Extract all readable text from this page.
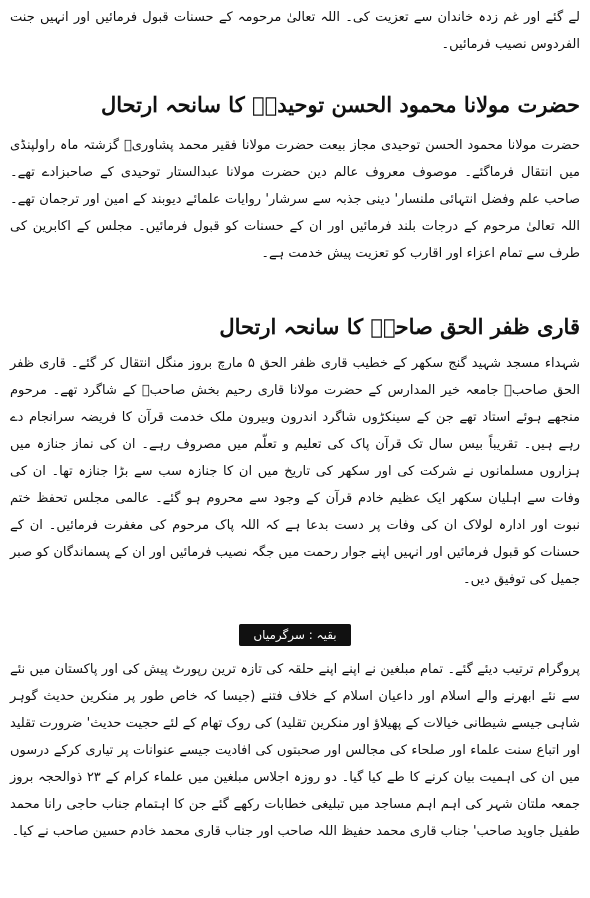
لے گئے اور غم زدہ خاندان سے تعزیت کی۔ اللہ تعالیٰ مرحومہ کے حسنات قبول فرمائیں اور انہیں جنت الفردوس نصیب فرمائیں۔

حضرت مولانا محمود الحسن توحیدیؒ کا سانحہ ارتحال

حضرت مولانا محمود الحسن توحیدی مجاز بیعت حضرت مولانا فقیر محمد پشاوریؒ گزشتہ ماہ راولپنڈی میں انتقال فرماگئے۔ موصوف معروف عالم دین حضرت مولانا عبدالستار توحیدی کے صاحبزادے تھے۔ صاحب علم وفضل انتہائی ملنسار' دینی جذبہ سے سرشار' روایات علمائے دیوبند کے امین اور ترجمان تھے۔ اللہ تعالیٰ مرحوم کے درجات بلند فرمائیں اور ان کے حسنات کو قبول فرمائیں۔ مجلس کے اکابرین کی طرف سے تمام اعزاء اور اقارب کو تعزیت پیش خدمت ہے۔

قاری ظفر الحق صاحبؒ کا سانحہ ارتحال

شہداء مسجد شہید گنج سکھر کے خطیب قاری ظفر الحق ۵ مارچ بروز منگل انتقال کر گئے۔ قاری ظفر الحق صاحبؒ جامعہ خیر المدارس کے حضرت مولانا قاری رحیم بخش صاحبؒ کے شاگرد تھے۔ مرحوم منجھے ہوئے استاد تھے جن کے سینکڑوں شاگرد اندرون وبیرون ملک خدمت قرآن کا فریضہ سرانجام دے رہے ہیں۔ تقریباً بیس سال تک قرآن پاک کی تعلیم و تعلّم میں مصروف رہے۔ ان کی نماز جنازہ میں ہزاروں مسلمانوں نے شرکت کی اور سکھر کی تاریخ میں ان کا جنازہ سب سے بڑا جنازہ تھا۔ ان کی وفات سے اہلیان سکھر ایک عظیم خادم قرآن کے وجود سے محروم ہو گئے۔ عالمی مجلس تحفظ ختم نبوت اور ادارہ لولاک ان کی وفات پر دست بدعا ہے کہ اللہ پاک مرحوم کی مغفرت فرمائیں۔ ان کے حسنات کو قبول فرمائیں اور انہیں اپنے جوار رحمت میں جگہ نصیب فرمائیں اور ان کے پسماندگان کو صبر جمیل کی توفیق دیں۔

بقیہ : سرگرمیاں

پروگرام ترتیب دیئے گئے۔ تمام مبلغین نے اپنے اپنے حلقہ کی تازہ ترین رپورٹ پیش کی اور پاکستان میں نئے سے نئے ابھرنے والے اسلام اور داعیان اسلام کے خلاف فتنے (جیسا کہ خاص طور پر منکرین حدیث گوہر شاہی جیسے شیطانی خیالات کے پھیلاؤ اور منکرین تقلید) کی روک تھام کے لئے حجیت حدیث' ضرورت تقلید اور اتباع سنت علماء اور صلحاء کی مجالس اور صحبتوں کی افادیت جیسے عنوانات پر تیاری کرکے درسوں میں ان کی اہمیت بیان کرنے کا طے کیا گیا۔ دو روزہ اجلاس مبلغین میں علماء کرام کے ۲۳ ذوالحجہ بروز جمعہ ملتان شہر کی اہم اہم مساجد میں تبلیغی خطابات رکھے گئے جن کا اہتمام جناب حاجی رانا محمد طفیل جاوید صاحب' جناب قاری محمد حفیظ اللہ صاحب اور جناب قاری محمد خادم حسین صاحب نے کیا۔
